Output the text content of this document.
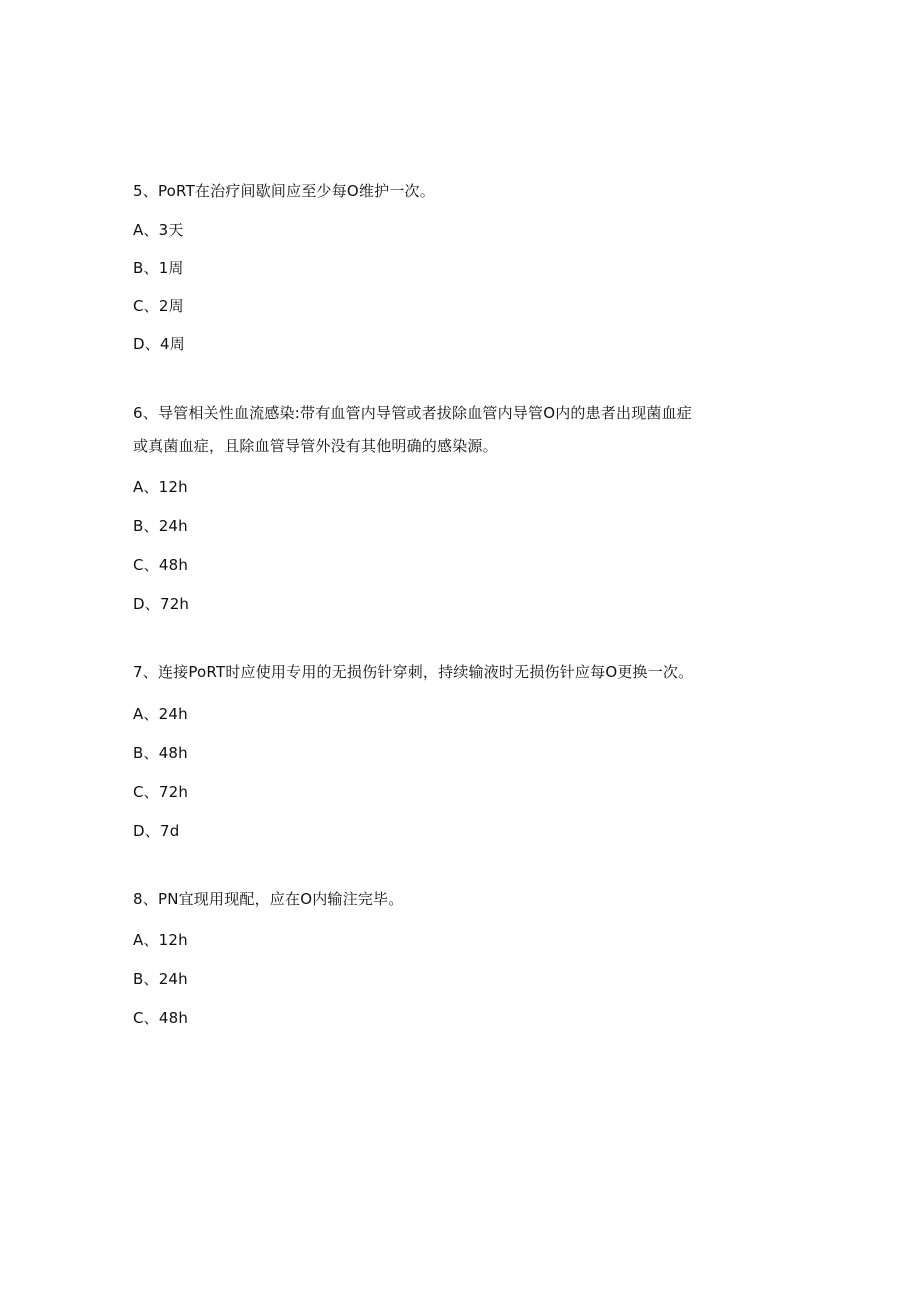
5、PoRT在治疗间歇间应至少每O维护一次。
A、3天
B、1周
C、2周
D、4周
6、导管相关性血流感染:带有血管内导管或者拔除血管内导管O内的患者出现菌血症
或真菌血症，且除血管导管外没有其他明确的感染源。
A、12h
B、24h
C、48h
D、72h
7、连接PoRT时应使用专用的无损伤针穿刺，持续输液时无损伤针应每O更换一次。
A、24h
B、48h
C、72h
D、7d
8、PN宜现用现配，应在O内输注完毕。
A、12h
B、24h
C、48h
